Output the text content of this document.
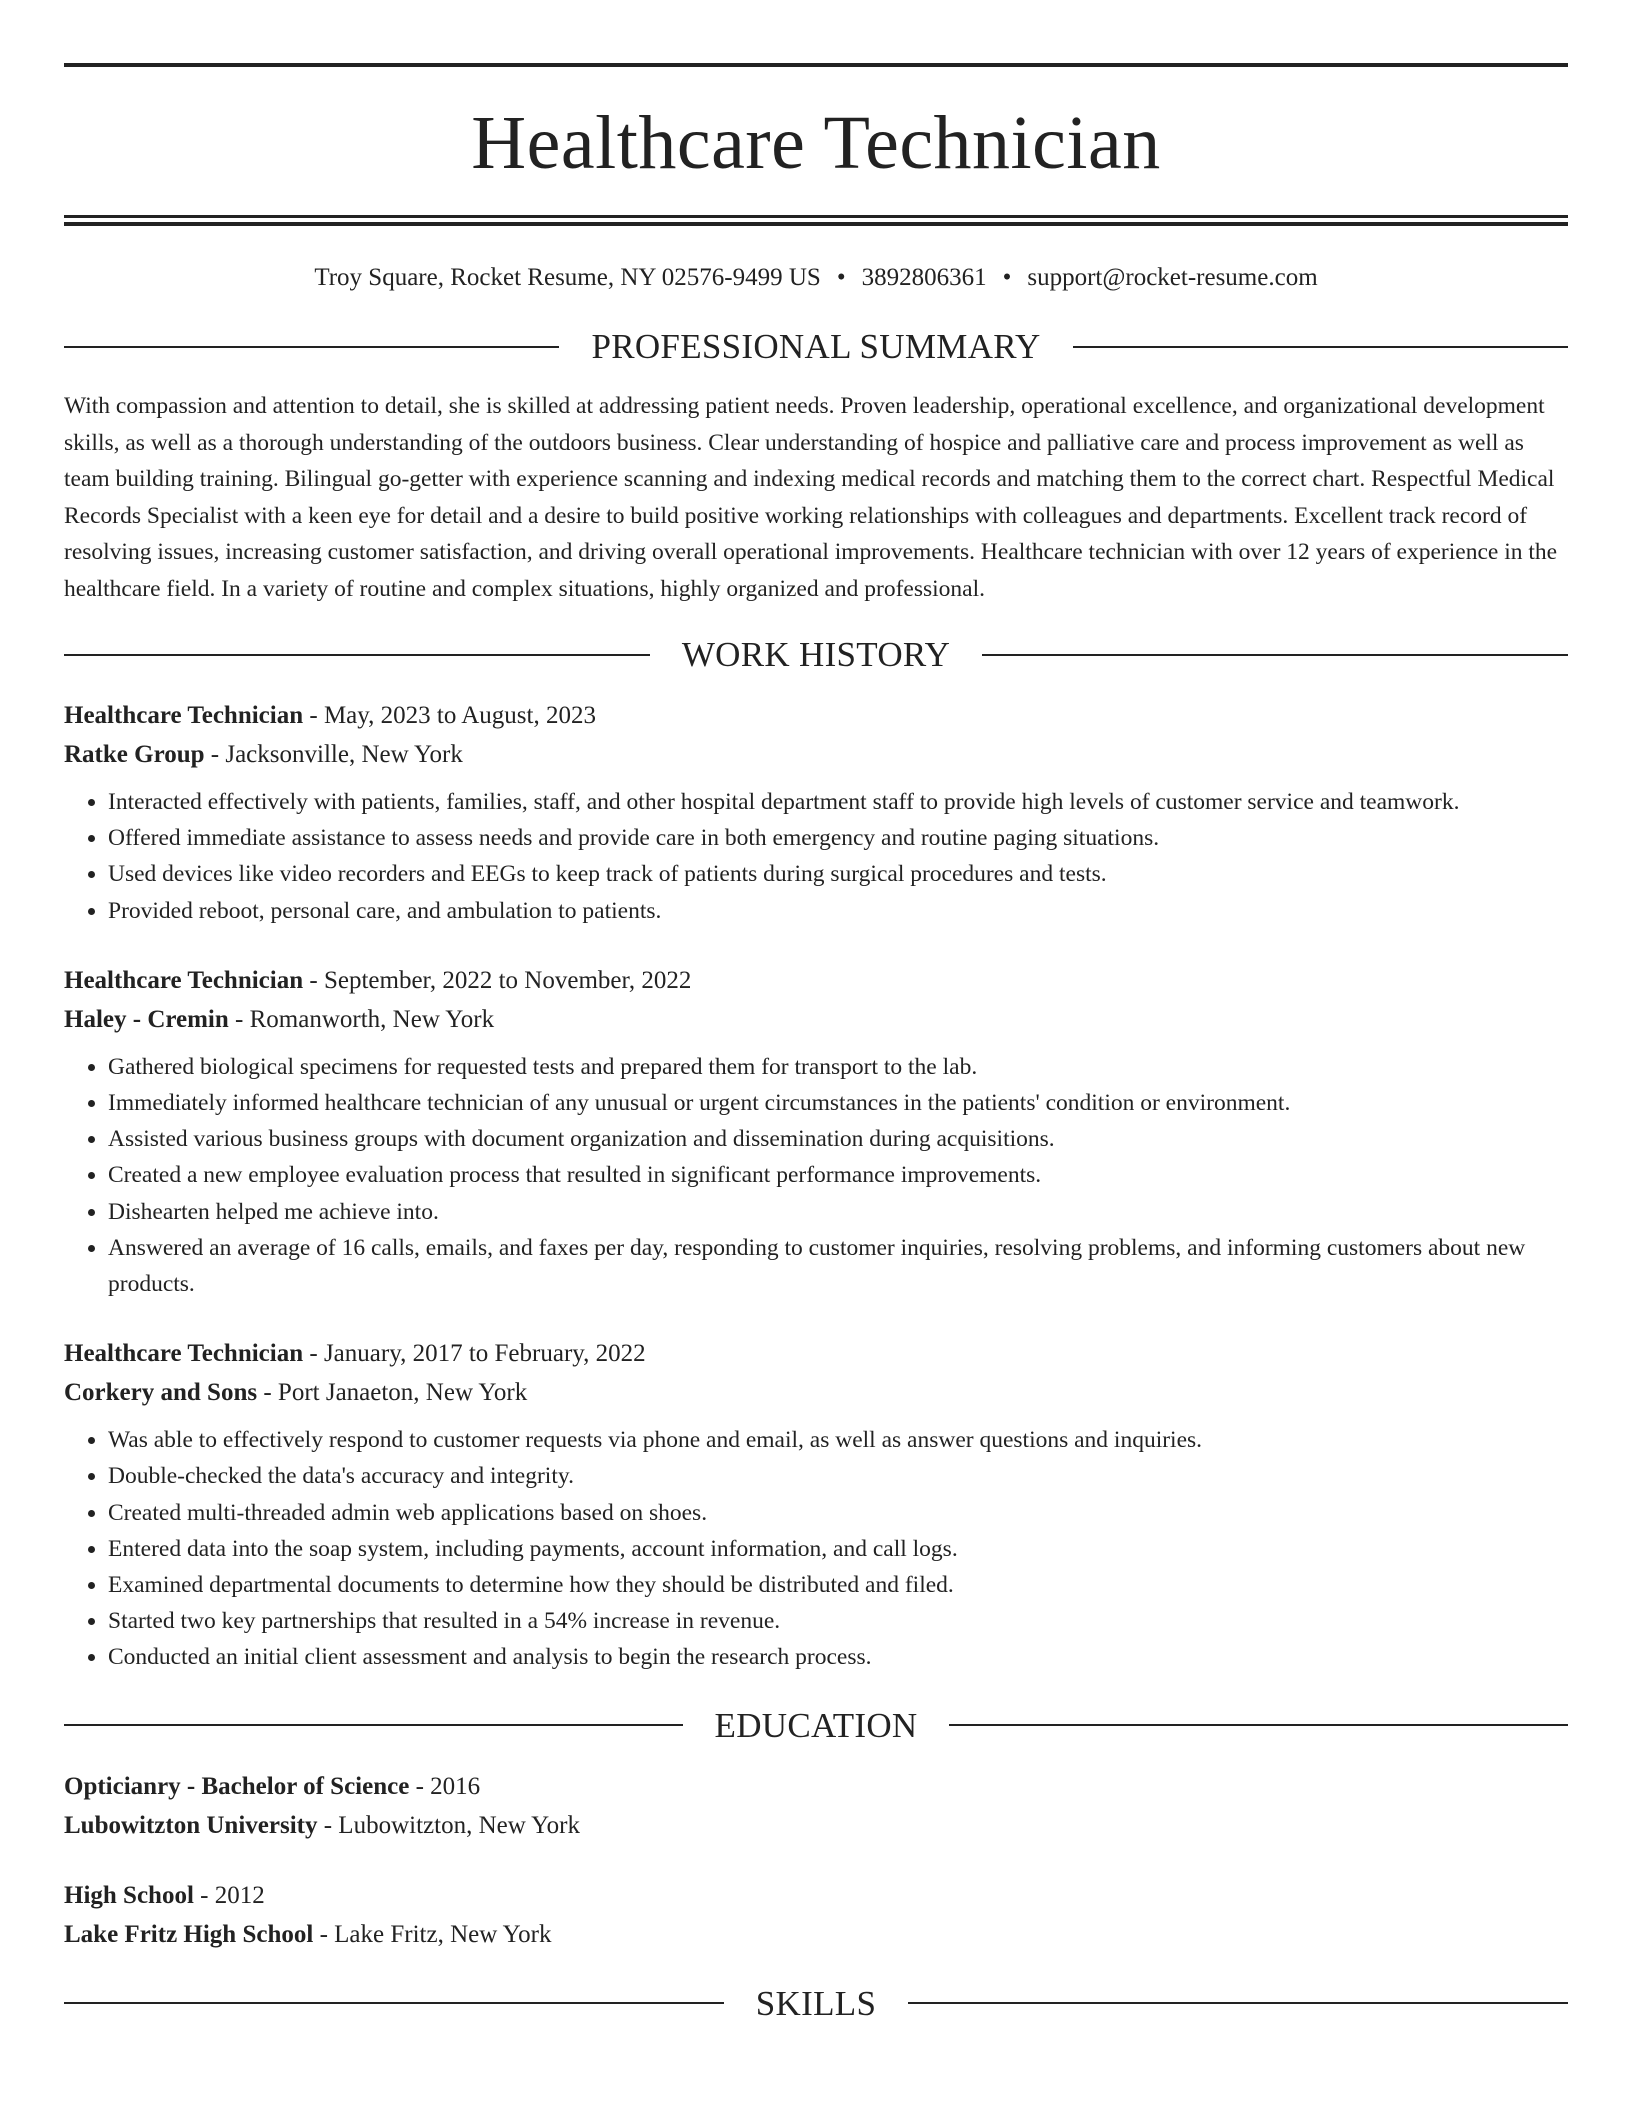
Healthcare Technician
Troy Square, Rocket Resume, NY 02576-9499 US • 3892806361 • support@rocket-resume.com
PROFESSIONAL SUMMARY

With compassion and attention to detail, she is skilled at addressing patient needs. Proven leadership, operational excellence, and organizational development skills, as well as a thorough understanding of the outdoors business. Clear understanding of hospice and palliative care and process improvement as well as team building training. Bilingual go-getter with experience scanning and indexing medical records and matching them to the correct chart. Respectful Medical Records Specialist with a keen eye for detail and a desire to build positive working relationships with colleagues and departments. Excellent track record of resolving issues, increasing customer satisfaction, and driving overall operational improvements. Healthcare technician with over 12 years of experience in the healthcare field. In a variety of routine and complex situations, highly organized and professional.

WORK HISTORY
Healthcare Technician - May, 2023 to August, 2023
Ratke Group - Jacksonville, New York
• Interacted effectively with patients, families, staff, and other hospital department staff to provide high levels of customer service and teamwork.
• Offered immediate assistance to assess needs and provide care in both emergency and routine paging situations.
• Used devices like video recorders and EEGs to keep track of patients during surgical procedures and tests.
• Provided reboot, personal care, and ambulation to patients.
Healthcare Technician - September, 2022 to November, 2022
Haley - Cremin - Romanworth, New York
• Gathered biological specimens for requested tests and prepared them for transport to the lab.
• Immediately informed healthcare technician of any unusual or urgent circumstances in the patients' condition or environment.
• Assisted various business groups with document organization and dissemination during acquisitions.
• Created a new employee evaluation process that resulted in significant performance improvements.
• Dishearten helped me achieve into.
• Answered an average of 16 calls, emails, and faxes per day, responding to customer inquiries, resolving problems, and informing customers about new products.
Healthcare Technician - January, 2017 to February, 2022
Corkery and Sons - Port Janaeton, New York
• Was able to effectively respond to customer requests via phone and email, as well as answer questions and inquiries.
• Double-checked the data's accuracy and integrity.
• Created multi-threaded admin web applications based on shoes.
• Entered data into the soap system, including payments, account information, and call logs.
• Examined departmental documents to determine how they should be distributed and filed.
• Started two key partnerships that resulted in a 54% increase in revenue.
• Conducted an initial client assessment and analysis to begin the research process.
EDUCATION
Opticianry - Bachelor of Science - 2016
Lubowitzton University - Lubowitzton, New York
High School - 2012
Lake Fritz High School - Lake Fritz, New York
SKILLS
